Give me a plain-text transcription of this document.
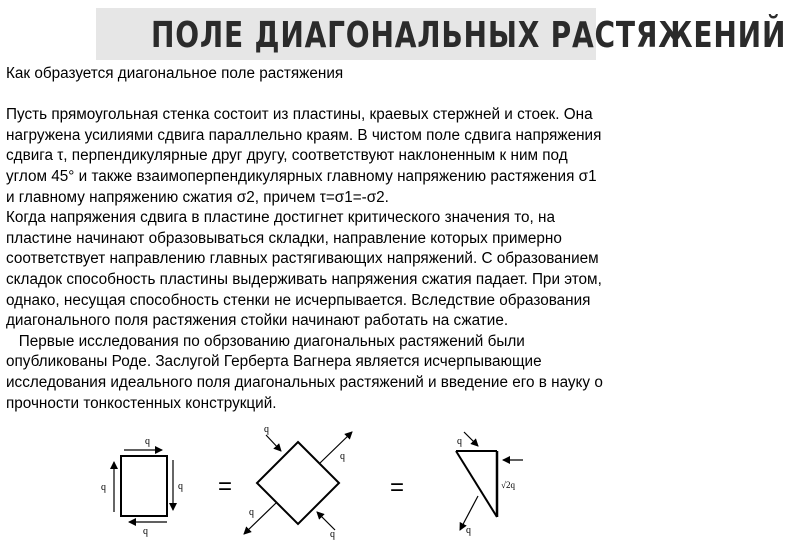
ПОЛЕ ДИАГОНАЛЬНЫХ РАСТЯЖЕНИЙ
Как образуется диагональное поле растяжения
Пусть прямоугольная стенка состоит из пластины, краевых стержней и стоек. Она
нагружена усилиями сдвига параллельно краям. В чистом поле сдвига напряжения
сдвига τ, перпендикулярные друг другу, соответствуют наклоненным к ним под
углом 45° и также взаимоперпендикулярных главному напряжению растяжения σ1
и главному напряжению сжатия σ2, причем τ=σ1=-σ2.
Когда напряжения сдвига в пластине достигнет критического значения то, на
пластине начинают образовываться складки, направление которых примерно
соответствует направлению главных растягивающих напряжений. С образованием
складок способность пластины выдерживать напряжения сжатия падает. При этом,
однако, несущая способность стенки не исчерпывается. Вследствие образования
диагонального поля растяжения стойки начинают работать на сжатие.
Первые исследования по обрзованию диагональных растяжений были
опубликованы Роде. Заслугой Герберта Вагнера является исчерпывающие
исследования идеального поля диагональных растяжений и введение его в науку о
прочности тонкостенных конструкций.
q
q	q
q
=
q
q
q
q
=
q
√2q
q
